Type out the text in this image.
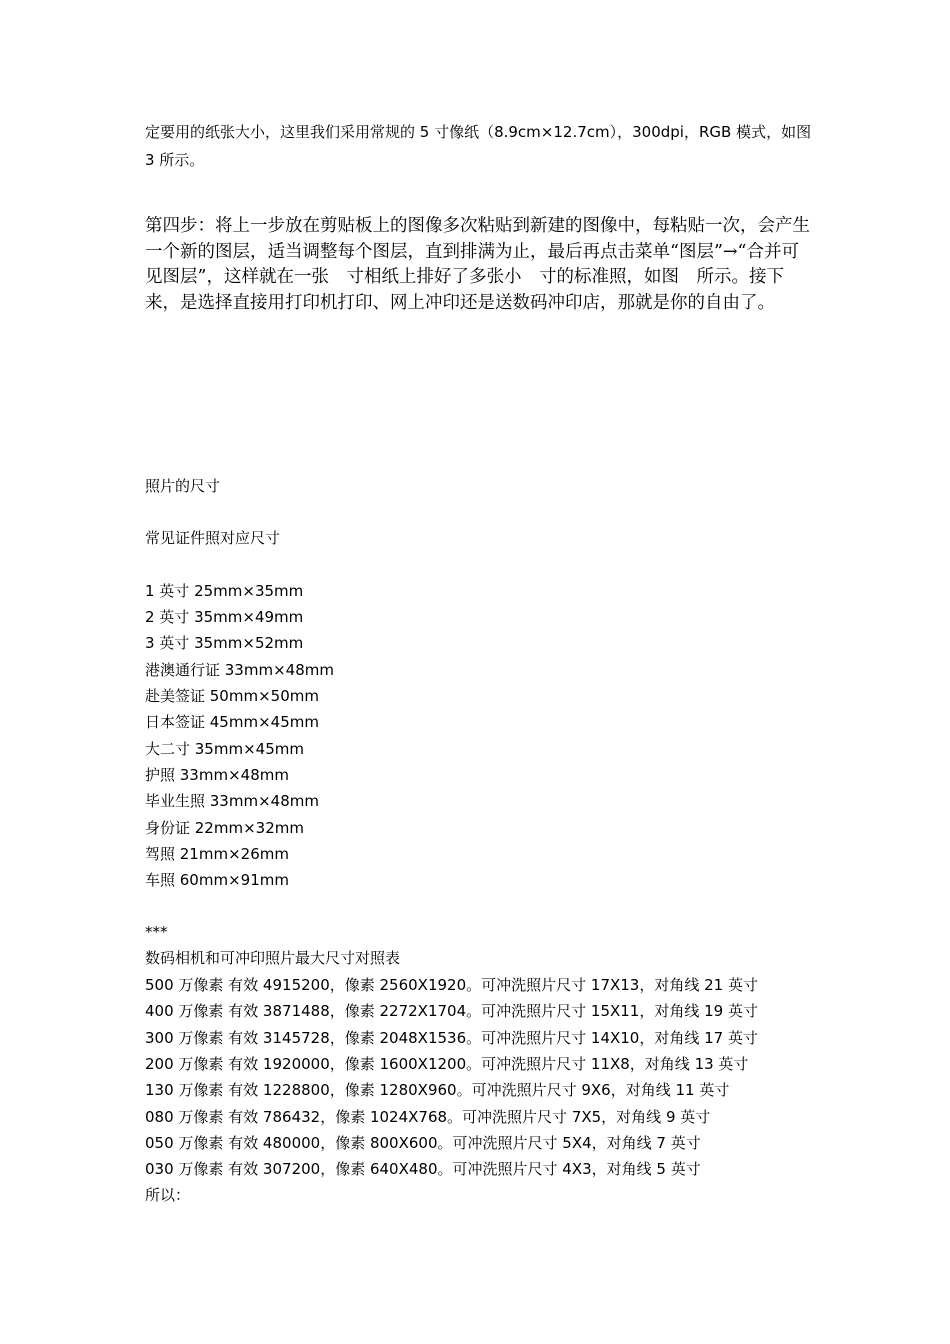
定要用的纸张大小，这里我们采用常规的 5 寸像纸（8.9cm×12.7cm），300dpi，RGB 模式，如图 3 所示。
第四步：将上一步放在剪贴板上的图像多次粘贴到新建的图像中，每粘贴一次，会产生一个新的图层，适当调整每个图层，直到排满为止，最后再点击菜单“图层”→“合并可见图层”，这样就在一张　寸相纸上排好了多张小　寸的标准照，如图　所示。接下来，是选择直接用打印机打印、网上冲印还是送数码冲印店，那就是你的自由了。
照片的尺寸
常见证件照对应尺寸
1 英寸 25mm×35mm
2 英寸 35mm×49mm
3 英寸 35mm×52mm
港澳通行证 33mm×48mm
赴美签证 50mm×50mm
日本签证 45mm×45mm
大二寸 35mm×45mm
护照 33mm×48mm
毕业生照 33mm×48mm
身份证 22mm×32mm
驾照 21mm×26mm
车照 60mm×91mm
***
数码相机和可冲印照片最大尺寸对照表
500 万像素 有效 4915200，像素 2560X1920。可冲洗照片尺寸 17X13，对角线 21 英寸
400 万像素 有效 3871488，像素 2272X1704。可冲洗照片尺寸 15X11，对角线 19 英寸
300 万像素 有效 3145728，像素 2048X1536。可冲洗照片尺寸 14X10，对角线 17 英寸
200 万像素 有效 1920000，像素 1600X1200。可冲洗照片尺寸 11X8，对角线 13 英寸
130 万像素 有效 1228800，像素 1280X960。可冲洗照片尺寸 9X6，对角线 11 英寸
080 万像素 有效 786432，像素 1024X768。可冲洗照片尺寸 7X5，对角线 9 英寸
050 万像素 有效 480000，像素 800X600。可冲洗照片尺寸 5X4，对角线 7 英寸
030 万像素 有效 307200，像素 640X480。可冲洗照片尺寸 4X3，对角线 5 英寸
所以：
